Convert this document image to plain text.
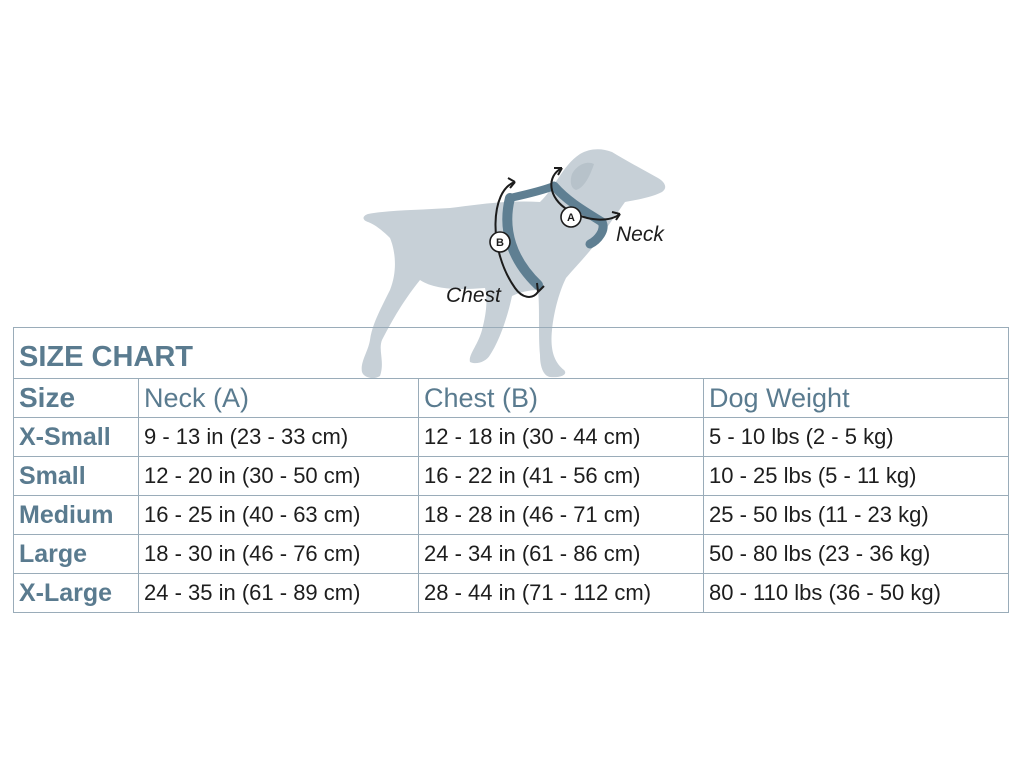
B
A
Chest
Neck
SIZE CHART			
Size	Neck (A)	Chest (B)	Dog Weight
X-Small	9 - 13 in (23 - 33 cm)	12 - 18 in (30 - 44 cm)	5 - 10 lbs (2 - 5 kg)
Small	12 - 20 in (30 - 50 cm)	16 - 22 in (41 - 56 cm)	10 - 25 lbs (5 - 11 kg)
Medium	16 - 25 in (40 - 63 cm)	18 - 28 in (46 - 71 cm)	25 - 50 lbs (11 - 23 kg)
Large	18 - 30 in (46 - 76 cm)	24 - 34 in (61 - 86 cm)	50 - 80 lbs (23 - 36 kg)
X-Large	24 - 35 in (61 - 89 cm)	28 - 44 in (71 - 112 cm)	80 - 110 lbs (36 - 50 kg)
